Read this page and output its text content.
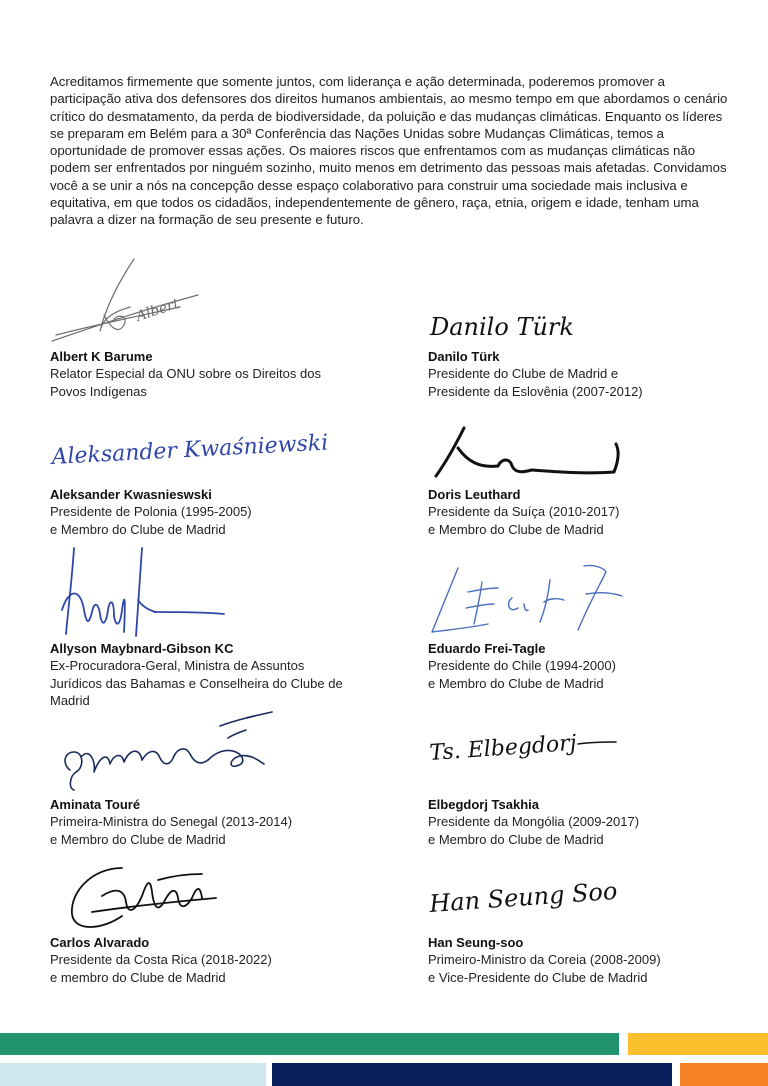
Acreditamos firmemente que somente juntos, com liderança e ação determinada, poderemos promover a participação ativa dos defensores dos direitos humanos ambientais, ao mesmo tempo em que abordamos o cenário crítico do desmatamento, da perda de biodiversidade, da poluição e das mudanças climáticas. Enquanto os líderes se preparam em Belém para a 30ª Conferência das Nações Unidas sobre Mudanças Climáticas, temos a oportunidade de promover essas ações. Os maiores riscos que enfrentamos com as mudanças climáticas não podem ser enfrentados por ninguém sozinho, muito menos em detrimento das pessoas mais afetadas. Convidamos você a se unir a nós na concepção desse espaço colaborativo para construir uma sociedade mais inclusiva e equitativa, em que todos os cidadãos, independentemente de gênero, raça, etnia, origem e idade, tenham uma palavra a dizer na formação de seu presente e futuro.

Albert
Albert K Barume

Relator Especial da ONU sobre os Direitos dos
Povos Indígenas

Danilo Türk
Danilo Türk

Presidente do Clube de Madrid e
Presidente da Eslovênia (2007-2012)

Aleksander Kwaśniewski
Aleksander Kwasnieswski

Presidente de Polonia (1995-2005)
e Membro do Clube de Madrid

Doris Leuthard

Presidente da Suíça (2010-2017)
e Membro do Clube de Madrid

Allyson Maybnard-Gibson KC

Ex-Procuradora-Geral, Ministra de Assuntos
Jurídicos das Bahamas e Conselheira do Clube de
Madrid

Eduardo Frei-Tagle

Presidente do Chile (1994-2000)
e Membro do Clube de Madrid

Aminata Touré

Primeira-Ministra do Senegal (2013-2014)
e Membro do Clube de Madrid

Ts. Elbegdorj
Elbegdorj Tsakhia

Presidente da Mongólia (2009-2017)
e Membro do Clube de Madrid

Carlos Alvarado

Presidente da Costa Rica (2018-2022)
e membro do Clube de Madrid

Han Seung Soo
Han Seung-soo

Primeiro-Ministro da Coreia (2008-2009)
e Vice-Presidente do Clube de Madrid
